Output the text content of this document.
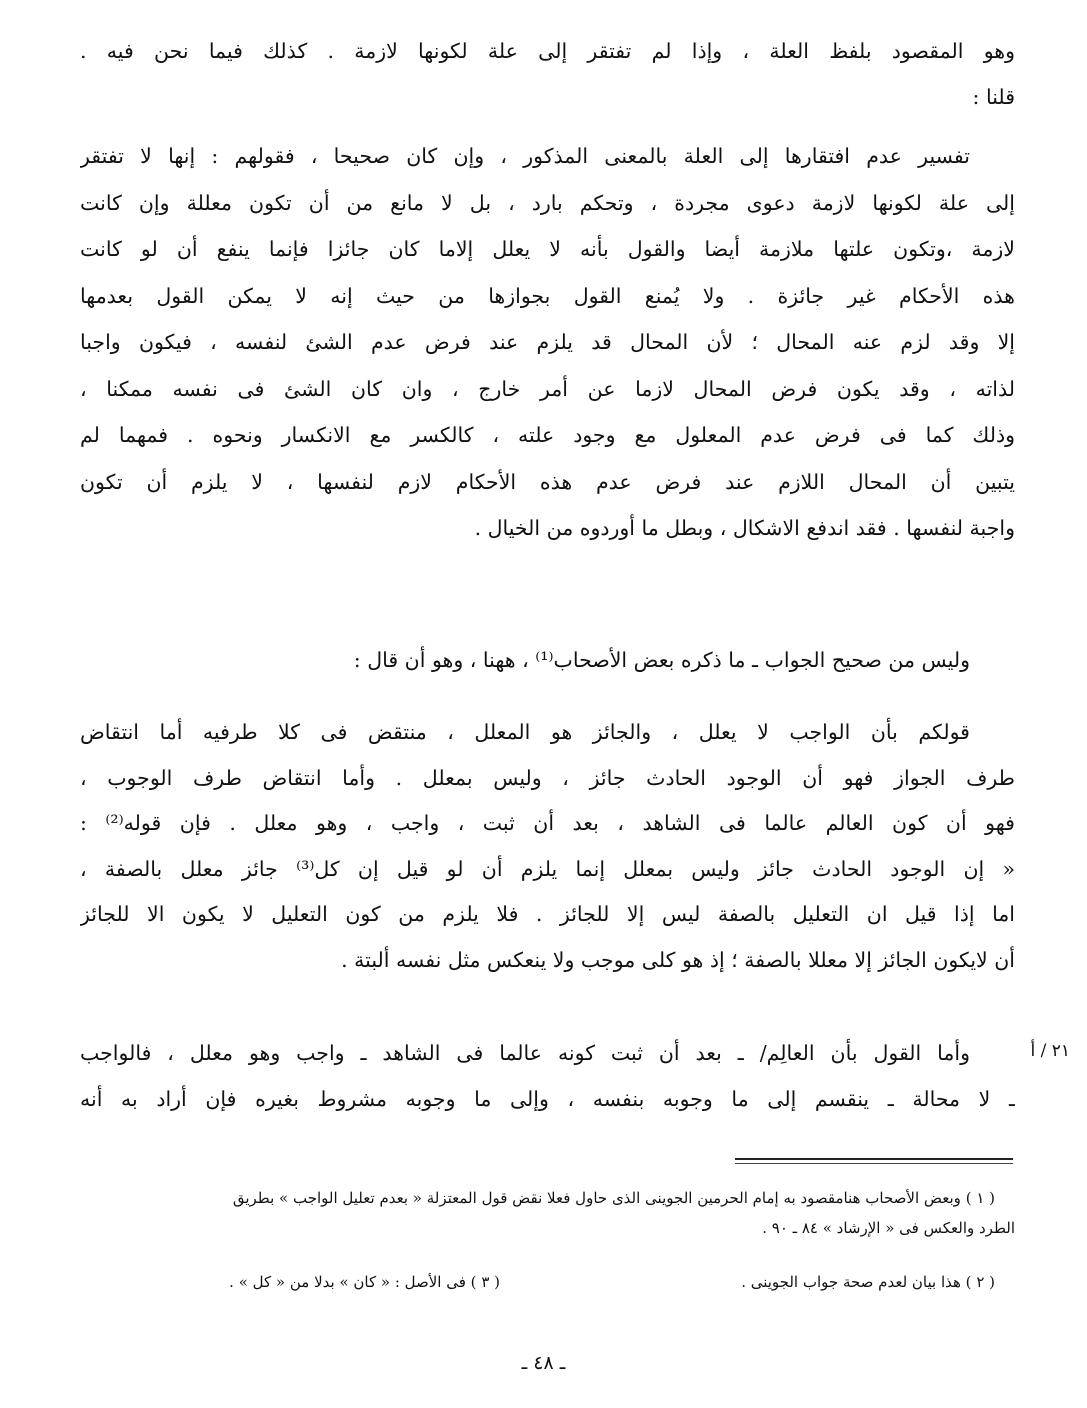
وهو المقصود بلفظ العلة ، وإذا لم تفتقر إلى علة لكونها لازمة . كذلك فيما نحن فيه .
قلنا :
تفسير عدم افتقارها إلى العلة بالمعنى المذكور ، وإن كان صحيحا ، فقولهم : إنها لا تفتقر
إلى علة لكونها لازمة دعوى مجردة ، وتحكم بارد ، بل لا مانع من أن تكون معللة وإن كانت
لازمة ،وتكون علتها ملازمة أيضا والقول بأنه لا يعلل إلاما كان جائزا فإنما ينفع أن لو كانت
هذه الأحكام غير جائزة . ولا يُمنع القول بجوازها من حيث إنه لا يمكن القول بعدمها
إلا وقد لزم عنه المحال ؛ لأن المحال قد يلزم عند فرض عدم الشئ لنفسه ، فيكون واجبا
لذاته ، وقد يكون فرض المحال لازما عن أمر خارج ، وان كان الشئ فى نفسه ممكنا ،
وذلك كما فى فرض عدم المعلول مع وجود علته ، كالكسر مع الانكسار ونحوه . فمهما لم
يتبين أن المحال اللازم عند فرض عدم هذه الأحكام لازم لنفسها ، لا يلزم أن تكون
واجبة لنفسها . فقد اندفع الاشكال ، وبطل ما أوردوه من الخيال .
وليس من صحيح الجواب ـ ما ذكره بعض الأصحاب⁽¹⁾ ، ههنا ، وهو أن قال :
قولكم بأن الواجب لا يعلل ، والجائز هو المعلل ، منتقض فى كلا طرفيه أما انتقاض
طرف الجواز فهو أن الوجود الحادث جائز ، وليس بمعلل . وأما انتقاض طرف الوجوب ،
فهو أن كون العالم عالما فى الشاهد ، بعد أن ثبت ، واجب ، وهو معلل . فإن قوله⁽²⁾ :
« إن الوجود الحادث جائز وليس بمعلل إنما يلزم أن لو قيل إن كل⁽³⁾ جائز معلل بالصفة ،
اما إذا قيل ان التعليل بالصفة ليس إلا للجائز . فلا يلزم من كون التعليل لا يكون الا للجائز
أن لايكون الجائز إلا معللا بالصفة ؛ إذ هو كلى موجب ولا ينعكس مثل نفسه ألبتة .
٢١ / أ
وأما القول بأن العالِم/ ـ بعد أن ثبت كونه عالما فى الشاهد ـ واجب وهو معلل ، فالواجب
ـ لا محالة ـ ينقسم إلى ما وجوبه بنفسه ، وإلى ما وجوبه مشروط بغيره فإن أراد به أنه
( ١ ) وبعض الأصحاب هنامقصود به إمام الحرمين الجوينى الذى حاول فعلا نقض قول المعتزلة « بعدم تعليل الواجب » بطريق
الطرد والعكس فى « الإرشاد » ٨٤ ـ ٩٠ .
( ٢ ) هذا بيان لعدم صحة جواب الجوينى .
( ٣ ) فى الأصل : « كان » بدلا من « كل » .
ـ ٤٨ ـ
